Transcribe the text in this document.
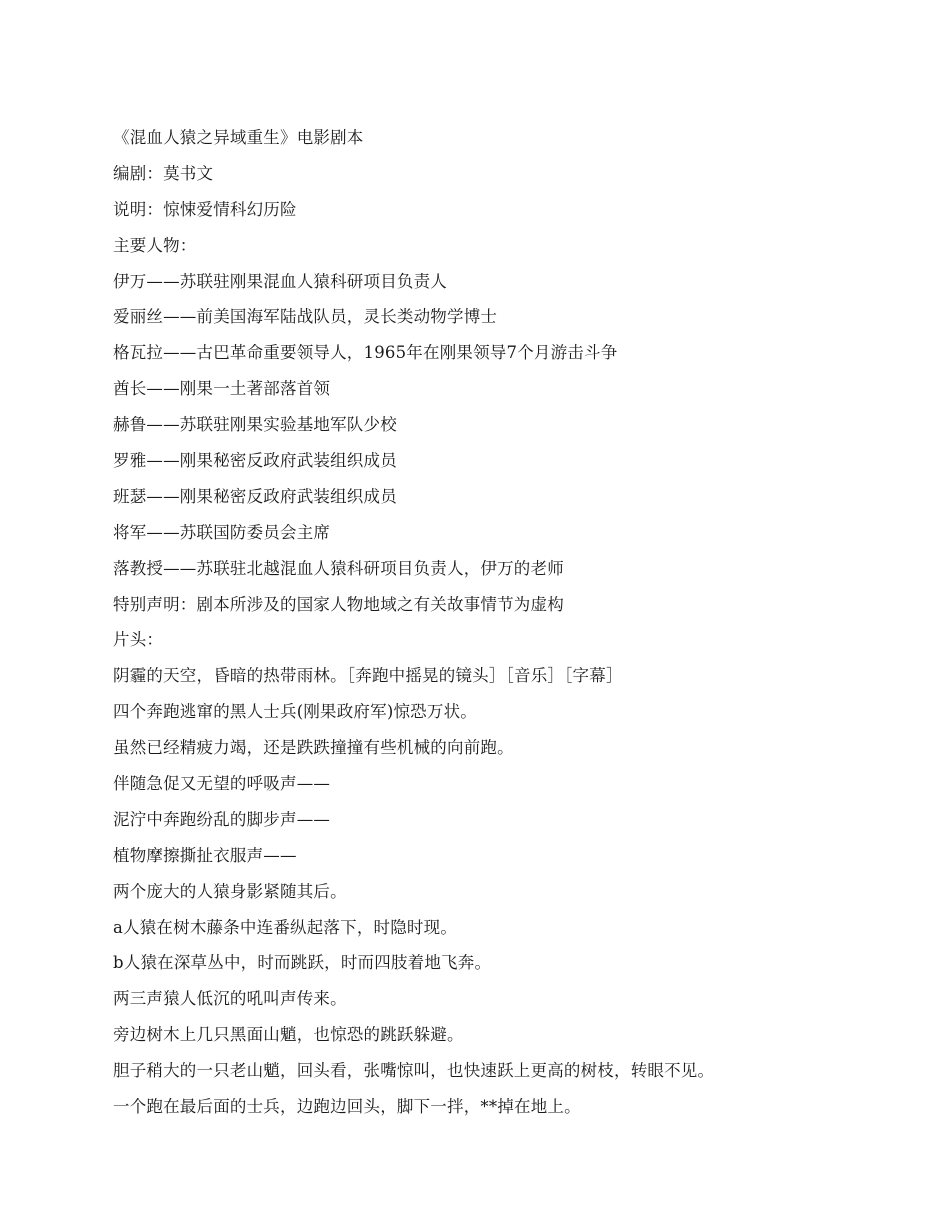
《混血人猿之异域重生》电影剧本
编剧：莫书文
说明：惊悚爱情科幻历险
主要人物：
伊万——苏联驻刚果混血人猿科研项目负责人
爱丽丝——前美国海军陆战队员，灵长类动物学博士
格瓦拉——古巴革命重要领导人，1965年在刚果领导7个月游击斗争
酋长——刚果一土著部落首领
赫鲁——苏联驻刚果实验基地军队少校
罗雅——刚果秘密反政府武装组织成员
班瑟——刚果秘密反政府武装组织成员
将军——苏联国防委员会主席
落教授——苏联驻北越混血人猿科研项目负责人，伊万的老师
特别声明：剧本所涉及的国家人物地域之有关故事情节为虚构
片头：
阴霾的天空，昏暗的热带雨林。［奔跑中摇晃的镜头］［音乐］［字幕］
四个奔跑逃窜的黑人士兵(刚果政府军)惊恐万状。
虽然已经精疲力竭，还是跌跌撞撞有些机械的向前跑。
伴随急促又无望的呼吸声——
泥泞中奔跑纷乱的脚步声——
植物摩擦撕扯衣服声——
两个庞大的人猿身影紧随其后。
a人猿在树木藤条中连番纵起落下，时隐时现。
b人猿在深草丛中，时而跳跃，时而四肢着地飞奔。
两三声猿人低沉的吼叫声传来。
旁边树木上几只黑面山魈，也惊恐的跳跃躲避。
胆子稍大的一只老山魈，回头看，张嘴惊叫，也快速跃上更高的树枝，转眼不见。
一个跑在最后面的士兵，边跑边回头，脚下一拌，**掉在地上。
